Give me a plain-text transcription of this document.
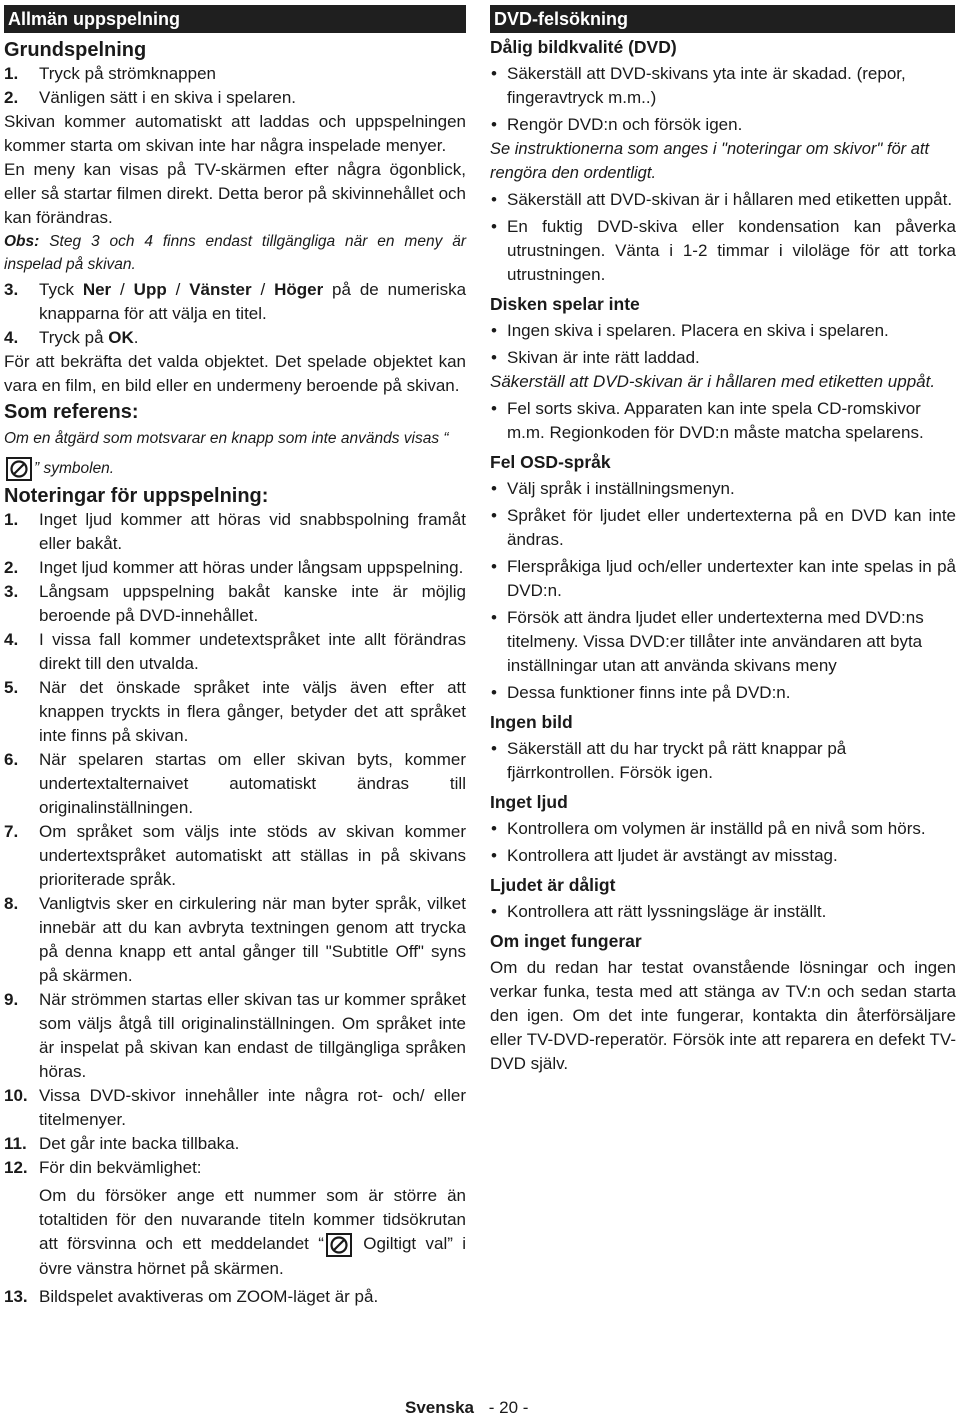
Allmän uppspelning
Grundspelning
1.	Tryck på strömknappen
2.	Vänligen sätt i en skiva i spelaren.

Skivan kommer automatiskt att laddas och uppspelningen kommer starta om skivan inte har några inspelade menyer.

En meny kan visas på TV-skärmen efter några ögonblick, eller så startar filmen direkt. Detta beror på skivinnehållet och kan förändras.

Obs: Steg 3 och 4 finns endast tillgängliga när en meny är inspelad på skivan.

3.	Tyck Ner / Upp / Vänster / Höger på de numeriska knapparna för att välja en titel.
4.	Tryck på OK.

För att bekräfta det valda objektet. Det spelade objektet kan vara en film, en bild eller en undermeny beroende på skivan.

Som referens:

Om en åtgärd som motsvarar en knapp som inte används visas “
” symbolen.

Noteringar för uppspelning:
1.	Inget ljud kommer att höras vid snabbspolning framåt eller bakåt.
2.	Inget ljud kommer att höras under långsam uppspelning.
3.	Långsam uppspelning bakåt kanske inte är möjlig beroende på DVD-innehållet.
4.	I vissa fall kommer undetextspråket inte allt förändras direkt till den utvalda.
5.	När det önskade språket inte väljs även efter att knappen tryckts in flera gånger, betyder det att språket inte finns på skivan.
6.	När spelaren startas om eller skivan byts, kommer undertextalternaivet automatiskt ändras till originalinställningen.
7.	Om språket som väljs inte stöds av skivan kommer undertextspråket automatiskt att ställas in på skivans prioriterade språk.
8.	Vanligtvis sker en cirkulering när man byter språk, vilket innebär att du kan avbryta textningen genom att trycka på denna knapp ett antal gånger till "Subtitle Off" syns på skärmen.
9.	När strömmen startas eller skivan tas ur kommer språket som väljs åtgå till originalinställningen. Om språket inte är inspelat på skivan kan endast de tillgängliga språken höras.
10. Vissa DVD-skivor innehåller inte några rot- och/ eller titelmenyer.
11. Det går inte backa tillbaka.
12. För din bekvämlighet:

Om du försöker ange ett nummer som är större än totaltiden för den nuvarande titeln kommer tidsökrutan att försvinna och ett meddelandet “
Ogiltigt val” i övre vänstra hörnet på skärmen.

13. Bildspelet avaktiveras om ZOOM-läget är på.
DVD-felsökning
Dålig bildkvalité (DVD)
• Säkerställ att DVD-skivans yta inte är skadad. (repor, fingeravtryck m.m..)
• Rengör DVD:n och försök igen.

Se instruktionerna som anges i "noteringar om skivor" för att rengöra den ordentligt.

• Säkerställ att DVD-skivan är i hållaren med etiketten uppåt.
• En fuktig DVD-skiva eller kondensation kan påverka utrustningen. Vänta i 1-2 timmar i viloläge för att torka utrustningen.
Disken spelar inte
• Ingen skiva i spelaren. Placera en skiva i spelaren.
• Skivan är inte rätt laddad.

Säkerställ att DVD-skivan är i hållaren med etiketten uppåt.

• Fel sorts skiva. Apparaten kan inte spela CD-romskivor m.m. Regionkoden för DVD:n måste matcha spelarens.
Fel OSD-språk
• Välj språk i inställningsmenyn.
• Språket för ljudet eller undertexterna på en DVD kan inte ändras.
• Flerspråkiga ljud och/eller undertexter kan inte spelas in på DVD:n.
• Försök att ändra ljudet eller undertexterna med DVD:ns titelmeny. Vissa DVD:er tillåter inte användaren att byta inställningar utan att använda skivans meny
• Dessa funktioner finns inte på DVD:n.
Ingen bild
• Säkerställ att du har tryckt på rätt knappar på fjärrkontrollen. Försök igen.
Inget ljud
• Kontrollera om volymen är inställd på en nivå som hörs.
• Kontrollera att ljudet är avstängt av misstag.
Ljudet är dåligt
• Kontrollera att rätt lyssningsläge är inställt.
Om inget fungerar

Om du redan har testat ovanstående lösningar och ingen verkar funka, testa med att stänga av TV:n och sedan starta den igen. Om det inte fungerar, kontakta din återförsäljare eller TV-DVD-reperatör. Försök inte att reparera en defekt TV-DVD själv.

Svenska - 20 -
